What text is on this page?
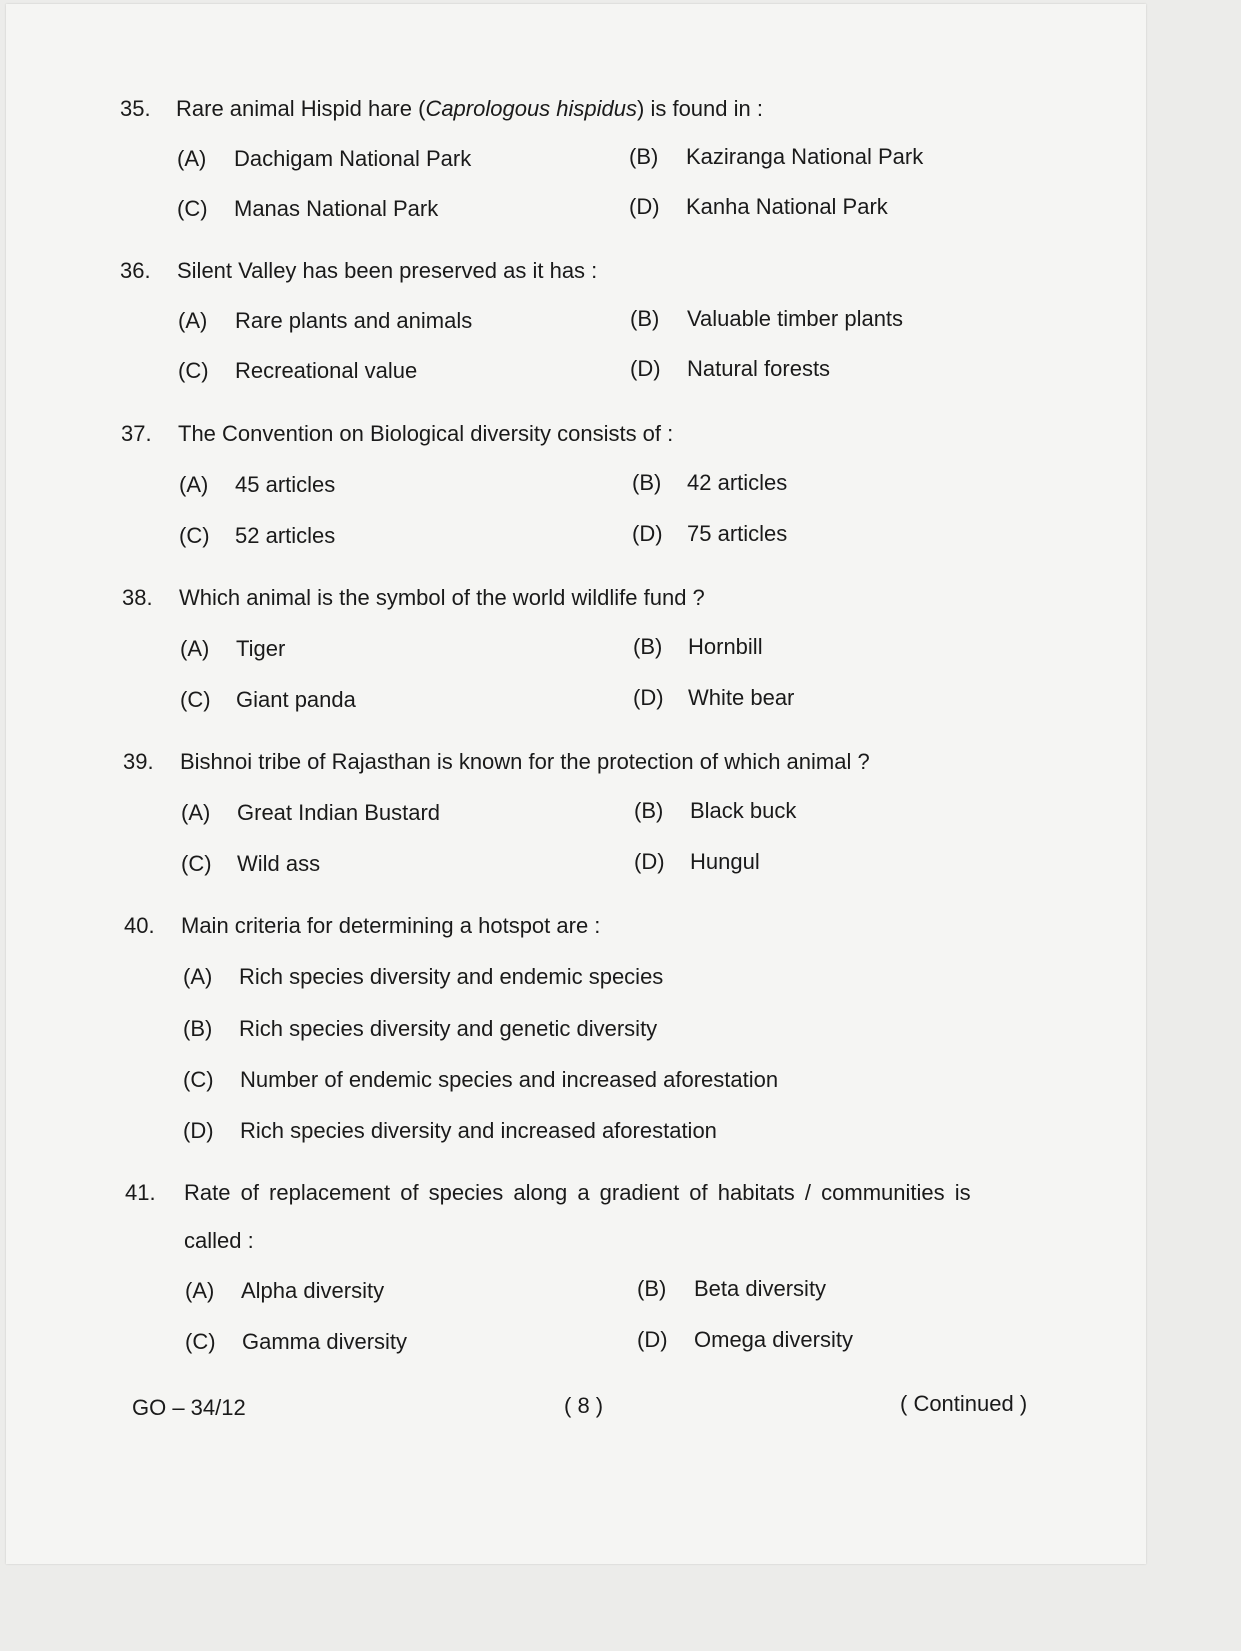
35. Rare animal Hispid hare (Caprologous hispidus) is found in :
(A) Dachigam National Park	(B) Kaziranga National Park
(C) Manas National Park	(D) Kanha National Park
36. Silent Valley has been preserved as it has :
(A) Rare plants and animals	(B) Valuable timber plants
(C) Recreational value	(D) Natural forests
37. The Convention on Biological diversity consists of :
(A) 45 articles	(B) 42 articles
(C) 52 articles	(D) 75 articles
38. Which animal is the symbol of the world wildlife fund ?
(A) Tiger	(B) Hornbill
(C) Giant panda	(D) White bear
39. Bishnoi tribe of Rajasthan is known for the protection of which animal ?
(A) Great Indian Bustard	(B) Black buck
(C) Wild ass	(D) Hungul
40. Main criteria for determining a hotspot are :
(A) Rich species diversity and endemic species
(B) Rich species diversity and genetic diversity
(C) Number of endemic species and increased aforestation
(D) Rich species diversity and increased aforestation
41. Rate of replacement of species along a gradient of habitats / communities is
called :
(A) Alpha diversity	(B) Beta diversity
(C) Gamma diversity	(D) Omega diversity
GO – 34/12	( 8 )	( Continued )
